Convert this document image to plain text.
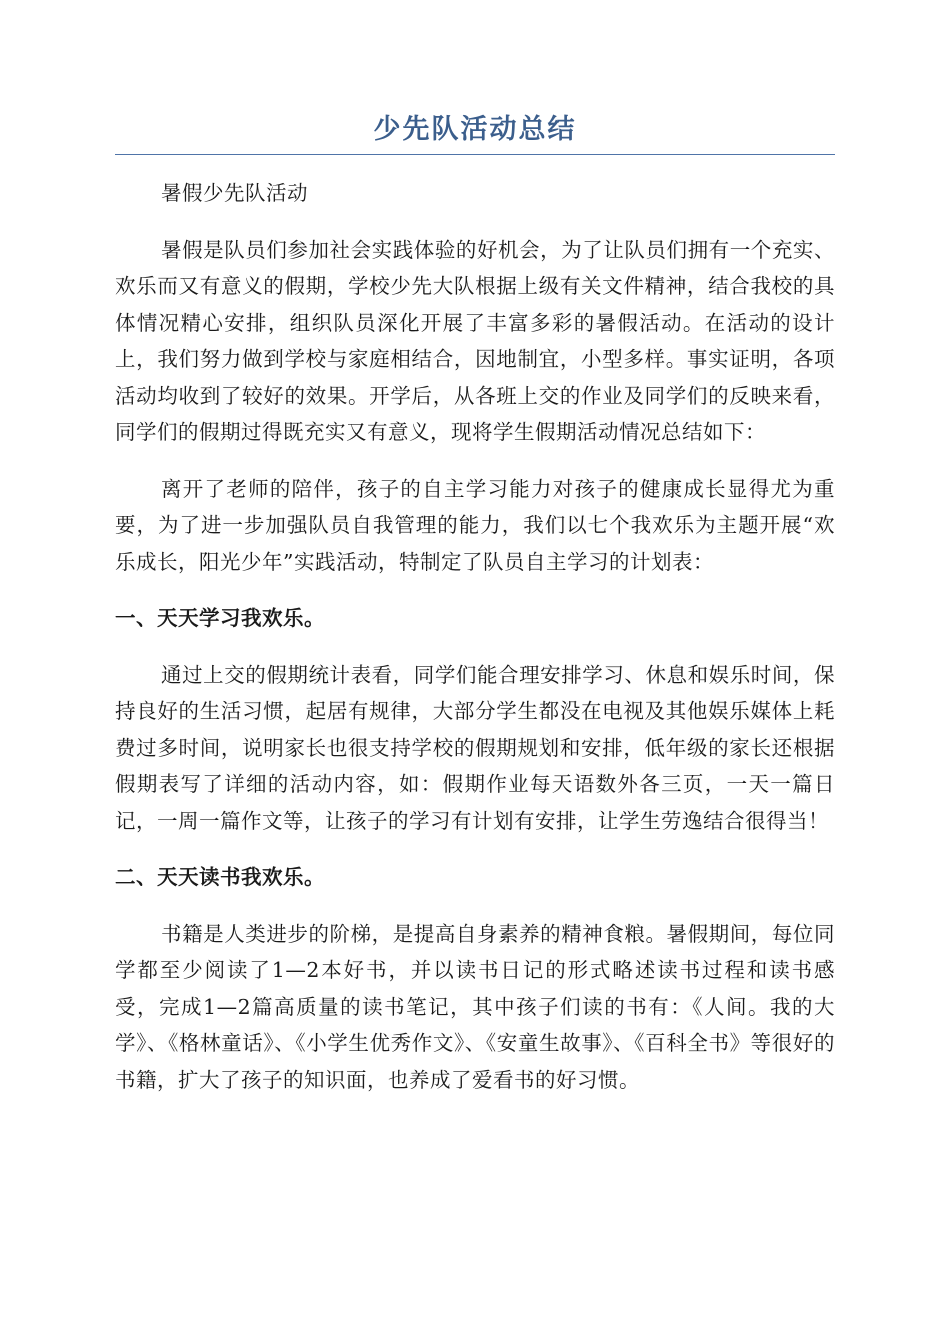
少先队活动总结

暑假少先队活动

暑假是队员们参加社会实践体验的好机会，为了让队员们拥有一个充实、欢乐而又有意义的假期，学校少先大队根据上级有关文件精神，结合我校的具体情况精心安排，组织队员深化开展了丰富多彩的暑假活动。在活动的设计上，我们努力做到学校与家庭相结合，因地制宜，小型多样。事实证明，各项活动均收到了较好的效果。开学后，从各班上交的作业及同学们的反映来看，同学们的假期过得既充实又有意义，现将学生假期活动情况总结如下：

离开了老师的陪伴，孩子的自主学习能力对孩子的健康成长显得尤为重要，为了进一步加强队员自我管理的能力，我们以七个我欢乐为主题开展“欢乐成长，阳光少年”实践活动，特制定了队员自主学习的计划表：

一、天天学习我欢乐。

通过上交的假期统计表看，同学们能合理安排学习、休息和娱乐时间，保持良好的生活习惯，起居有规律，大部分学生都没在电视及其他娱乐媒体上耗费过多时间，说明家长也很支持学校的假期规划和安排，低年级的家长还根据假期表写了详细的活动内容，如：假期作业每天语数外各三页，一天一篇日记，一周一篇作文等，让孩子的学习有计划有安排，让学生劳逸结合很得当！

二、天天读书我欢乐。

书籍是人类进步的阶梯，是提高自身素养的精神食粮。暑假期间，每位同学都至少阅读了1—2本好书，并以读书日记的形式略述读书过程和读书感受，完成1—2篇高质量的读书笔记，其中孩子们读的书有：《人间。我的大学》、《格林童话》、《小学生优秀作文》、《安童生故事》、《百科全书》等很好的书籍，扩大了孩子的知识面，也养成了爱看书的好习惯。
